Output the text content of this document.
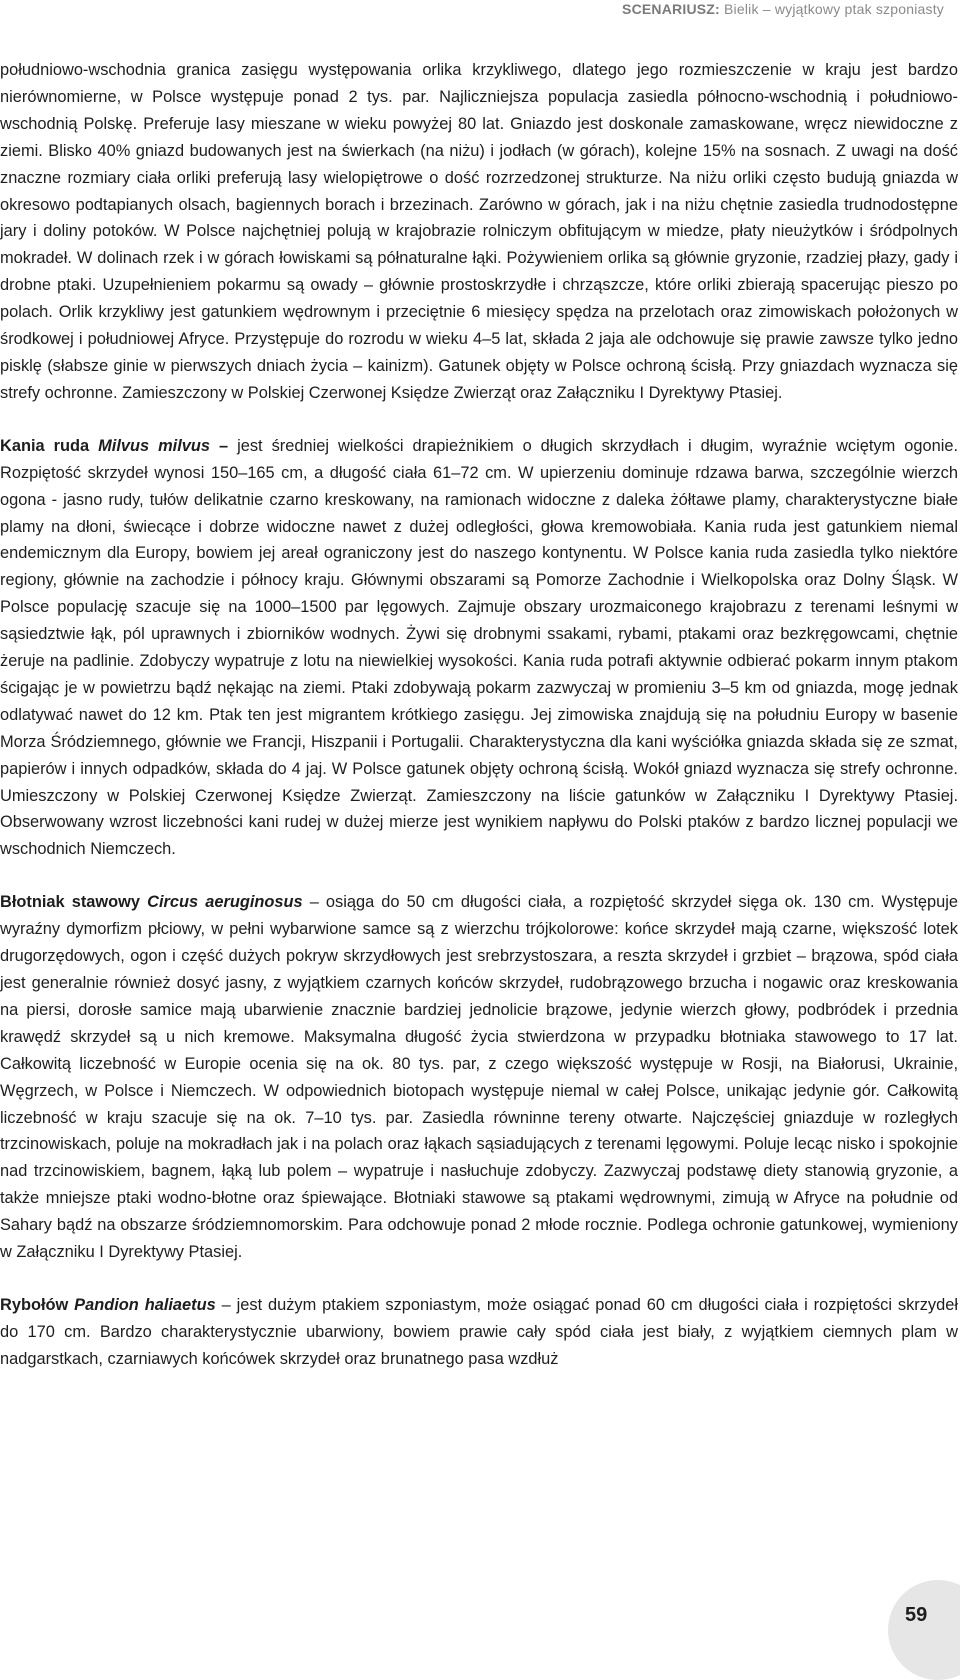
SCENARIUSZ: Bielik – wyjątkowy ptak szponiasty

południowo-wschodnia granica zasięgu występowania orlika krzykliwego, dlatego jego rozmieszczenie w kraju jest bardzo nierównomierne, w Polsce występuje ponad 2 tys. par. Najliczniejsza populacja zasiedla północno-wschodnią i południowo-wschodnią Polskę. Preferuje lasy mieszane w wieku powyżej 80 lat. Gniazdo jest doskonale zamaskowane, wręcz niewidoczne z ziemi. Blisko 40% gniazd budowanych jest na świerkach (na niżu) i jodłach (w górach), kolejne 15% na sosnach. Z uwagi na dość znaczne rozmiary ciała orliki preferują lasy wielopiętrowe o dość rozrzedzonej strukturze. Na niżu orliki często budują gniazda w okresowo podtapianych olsach, bagiennych borach i brzezinach. Zarówno w górach, jak i na niżu chętnie zasiedla trudnodostępne jary i doliny potoków. W Polsce najchętniej polują w krajobrazie rolniczym obfitującym w miedze, płaty nieużytków i śródpolnych mokradeł. W dolinach rzek i w górach łowiskami są półnaturalne łąki. Pożywieniem orlika są głównie gryzonie, rzadziej płazy, gady i drobne ptaki. Uzupełnieniem pokarmu są owady – głównie prostoskrzydłe i chrząszcze, które orliki zbierają spacerując pieszo po polach. Orlik krzykliwy jest gatunkiem wędrownym i przeciętnie 6 miesięcy spędza na przelotach oraz zimowiskach położonych w środkowej i południowej Afryce. Przystępuje do rozrodu w wieku 4–5 lat, składa 2 jaja ale odchowuje się prawie zawsze tylko jedno pisklę (słabsze ginie w pierwszych dniach życia – kainizm). Gatunek objęty w Polsce ochroną ścisłą. Przy gniazdach wyznacza się strefy ochronne. Zamieszczony w Polskiej Czerwonej Księdze Zwierząt oraz Załączniku I Dyrektywy Ptasiej.

Kania ruda Milvus milvus – jest średniej wielkości drapieżnikiem o długich skrzydłach i długim, wyraźnie wciętym ogonie. Rozpiętość skrzydeł wynosi 150–165 cm, a długość ciała 61–72 cm. W upierzeniu dominuje rdzawa barwa, szczególnie wierzch ogona - jasno rudy, tułów delikatnie czarno kreskowany, na ramionach widoczne z daleka żółtawe plamy, charakterystyczne białe plamy na dłoni, świecące i dobrze widoczne nawet z dużej odległości, głowa kremowobiała. Kania ruda jest gatunkiem niemal endemicznym dla Europy, bowiem jej areał ograniczony jest do naszego kontynentu. W Polsce kania ruda zasiedla tylko niektóre regiony, głównie na zachodzie i północy kraju. Głównymi obszarami są Pomorze Zachodnie i Wielkopolska oraz Dolny Śląsk. W Polsce populację szacuje się na 1000–1500 par lęgowych. Zajmuje obszary urozmaiconego krajobrazu z terenami leśnymi w sąsiedztwie łąk, pól uprawnych i zbiorników wodnych. Żywi się drobnymi ssakami, rybami, ptakami oraz bezkręgowcami, chętnie żeruje na padlinie. Zdobyczy wypatruje z lotu na niewielkiej wysokości. Kania ruda potrafi aktywnie odbierać pokarm innym ptakom ścigając je w powietrzu bądź nękając na ziemi. Ptaki zdobywają pokarm zazwyczaj w promieniu 3–5 km od gniazda, mogę jednak odlatywać nawet do 12 km. Ptak ten jest migrantem krótkiego zasięgu. Jej zimowiska znajdują się na południu Europy w basenie Morza Śródziemnego, głównie we Francji, Hiszpanii i Portugalii. Charakterystyczna dla kani wyściółka gniazda składa się ze szmat, papierów i innych odpadków, składa do 4 jaj. W Polsce gatunek objęty ochroną ścisłą. Wokół gniazd wyznacza się strefy ochronne. Umieszczony w Polskiej Czerwonej Księdze Zwierząt. Zamieszczony na liście gatunków w Załączniku I Dyrektywy Ptasiej. Obserwowany wzrost liczebności kani rudej w dużej mierze jest wynikiem napływu do Polski ptaków z bardzo licznej populacji we wschodnich Niemczech.

Błotniak stawowy Circus aeruginosus – osiąga do 50 cm długości ciała, a rozpiętość skrzydeł sięga ok. 130 cm. Występuje wyraźny dymorfizm płciowy, w pełni wybarwione samce są z wierzchu trójkolorowe: końce skrzydeł mają czarne, większość lotek drugorzędowych, ogon i część dużych pokryw skrzydłowych jest srebrzystoszara, a reszta skrzydeł i grzbiet – brązowa, spód ciała jest generalnie również dosyć jasny, z wyjątkiem czarnych końców skrzydeł, rudobrązowego brzucha i nogawic oraz kreskowania na piersi, dorosłe samice mają ubarwienie znacznie bardziej jednolicie brązowe, jedynie wierzch głowy, podbródek i przednia krawędź skrzydeł są u nich kremowe. Maksymalna długość życia stwierdzona w przypadku błotniaka stawowego to 17 lat. Całkowitą liczebność w Europie ocenia się na ok. 80 tys. par, z czego większość występuje w Rosji, na Białorusi, Ukrainie, Węgrzech, w Polsce i Niemczech. W odpowiednich biotopach występuje niemal w całej Polsce, unikając jedynie gór. Całkowitą liczebność w kraju szacuje się na ok. 7–10 tys. par. Zasiedla równinne tereny otwarte. Najczęściej gniazduje w rozległych trzcinowiskach, poluje na mokradłach jak i na polach oraz łąkach sąsiadujących z terenami lęgowymi. Poluje lecąc nisko i spokojnie nad trzcinowiskiem, bagnem, łąką lub polem – wypatruje i nasłuchuje zdobyczy. Zazwyczaj podstawę diety stanowią gryzonie, a także mniejsze ptaki wodno-błotne oraz śpiewające. Błotniaki stawowe są ptakami wędrownymi, zimują w Afryce na południe od Sahary bądź na obszarze śródziemnomorskim. Para odchowuje ponad 2 młode rocznie. Podlega ochronie gatunkowej, wymieniony w Załączniku I Dyrektywy Ptasiej.

Rybołów Pandion haliaetus – jest dużym ptakiem szponiastym, może osiągać ponad 60 cm długości ciała i rozpiętości skrzydeł do 170 cm. Bardzo charakterystycznie ubarwiony, bowiem prawie cały spód ciała jest biały, z wyjątkiem ciemnych plam w nadgarstkach, czarniawych końcówek skrzydeł oraz brunatnego pasa wzdłuż

59
